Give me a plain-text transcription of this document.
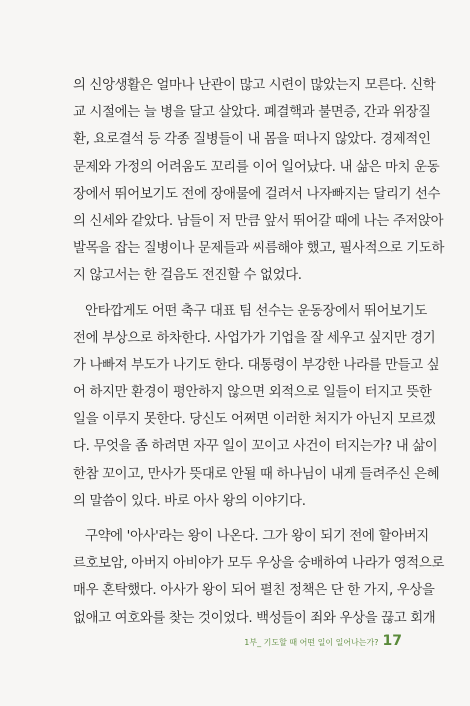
의 신앙생활은 얼마나 난관이 많고 시련이 많았는지 모른다. 신학
교 시절에는 늘 병을 달고 살았다. 폐결핵과 불면증, 간과 위장질
환, 요로결석 등 각종 질병들이 내 몸을 떠나지 않았다. 경제적인
문제와 가정의 어려움도 꼬리를 이어 일어났다. 내 삶은 마치 운동
장에서 뛰어보기도 전에 장애물에 걸려서 나자빠지는 달리기 선수
의 신세와 같았다. 남들이 저 만큼 앞서 뛰어갈 때에 나는 주저앉아
발목을 잡는 질병이나 문제들과 씨름해야 했고, 필사적으로 기도하
지 않고서는 한 걸음도 전진할 수 없었다.
안타깝게도 어떤 축구 대표 팀 선수는 운동장에서 뛰어보기도
전에 부상으로 하차한다. 사업가가 기업을 잘 세우고 싶지만 경기
가 나빠져 부도가 나기도 한다. 대통령이 부강한 나라를 만들고 싶
어 하지만 환경이 평안하지 않으면 외적으로 일들이 터지고 뜻한
일을 이루지 못한다. 당신도 어쩌면 이러한 처지가 아닌지 모르겠
다. 무엇을 좀 하려면 자꾸 일이 꼬이고 사건이 터지는가? 내 삶이
한참 꼬이고, 만사가 뜻대로 안될 때 하나님이 내게 들려주신 은혜
의 말씀이 있다. 바로 아사 왕의 이야기다.
구약에 '아사'라는 왕이 나온다. 그가 왕이 되기 전에 할아버지
르호보암, 아버지 아비야가 모두 우상을 숭배하여 나라가 영적으로
매우 혼탁했다. 아사가 왕이 되어 펼친 정책은 단 한 가지, 우상을
없애고 여호와를 찾는 것이었다. 백성들이 죄와 우상을 끊고 회개
1부_ 기도할 때 어떤 일이 일어나는가? 17
